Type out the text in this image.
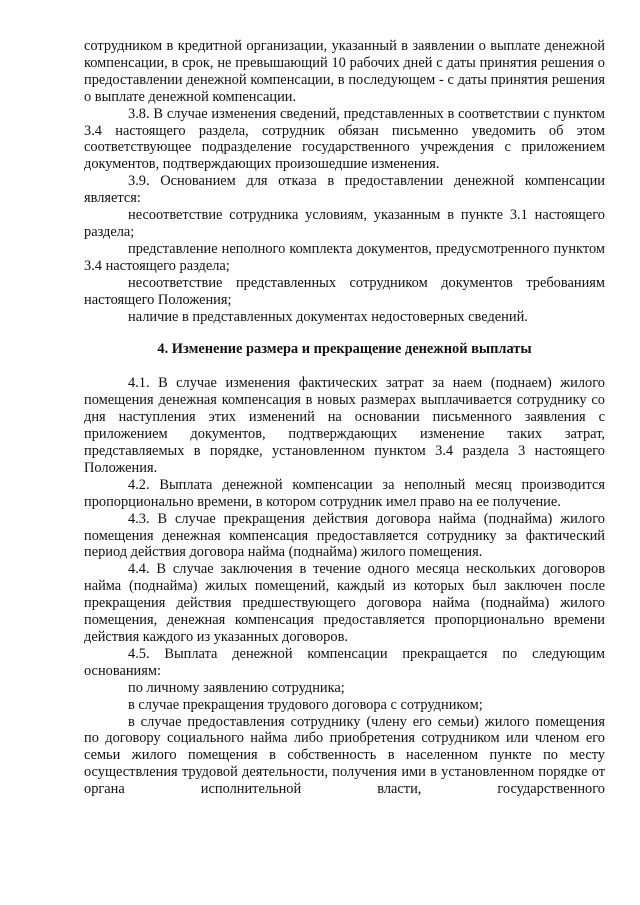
сотрудником в кредитной организации, указанный в заявлении о выплате денежной компенсации, в срок, не превышающий 10 рабочих дней с даты принятия решения о предоставлении денежной компенсации, в последующем - с даты принятия решения о выплате денежной компенсации.

3.8. В случае изменения сведений, представленных в соответствии с пунктом 3.4 настоящего раздела, сотрудник обязан письменно уведомить об этом соответствующее подразделение государственного учреждения с приложением документов, подтверждающих произошедшие изменения.

3.9. Основанием для отказа в предоставлении денежной компенсации является:

несоответствие сотрудника условиям, указанным в пункте 3.1 настоящего раздела;

представление неполного комплекта документов, предусмотренного пунктом 3.4 настоящего раздела;

несоответствие представленных сотрудником документов требованиям настоящего Положения;

наличие в представленных документах недостоверных сведений.

4. Изменение размера и прекращение денежной выплаты

4.1. В случае изменения фактических затрат за наем (поднаем) жилого помещения денежная компенсация в новых размерах выплачивается сотруднику со дня наступления этих изменений на основании письменного заявления с приложением документов, подтверждающих изменение таких затрат, представляемых в порядке, установленном пунктом 3.4 раздела 3 настоящего Положения.

4.2. Выплата денежной компенсации за неполный месяц производится пропорционально времени, в котором сотрудник имел право на ее получение.

4.3. В случае прекращения действия договора найма (поднайма) жилого помещения денежная компенсация предоставляется сотруднику за фактический период действия договора найма (поднайма) жилого помещения.

4.4. В случае заключения в течение одного месяца нескольких договоров найма (поднайма) жилых помещений, каждый из которых был заключен после прекращения действия предшествующего договора найма (поднайма) жилого помещения, денежная компенсация предоставляется пропорционально времени действия каждого из указанных договоров.

4.5. Выплата денежной компенсации прекращается по следующим основаниям:

по личному заявлению сотрудника;

в случае прекращения трудового договора с сотрудником;

в случае предоставления сотруднику (члену его семьи) жилого помещения по договору социального найма либо приобретения сотрудником или членом его семьи жилого помещения в собственность в населенном пункте по месту осуществления трудовой деятельности, получения ими в установленном порядке от органа исполнительной власти, государственного
